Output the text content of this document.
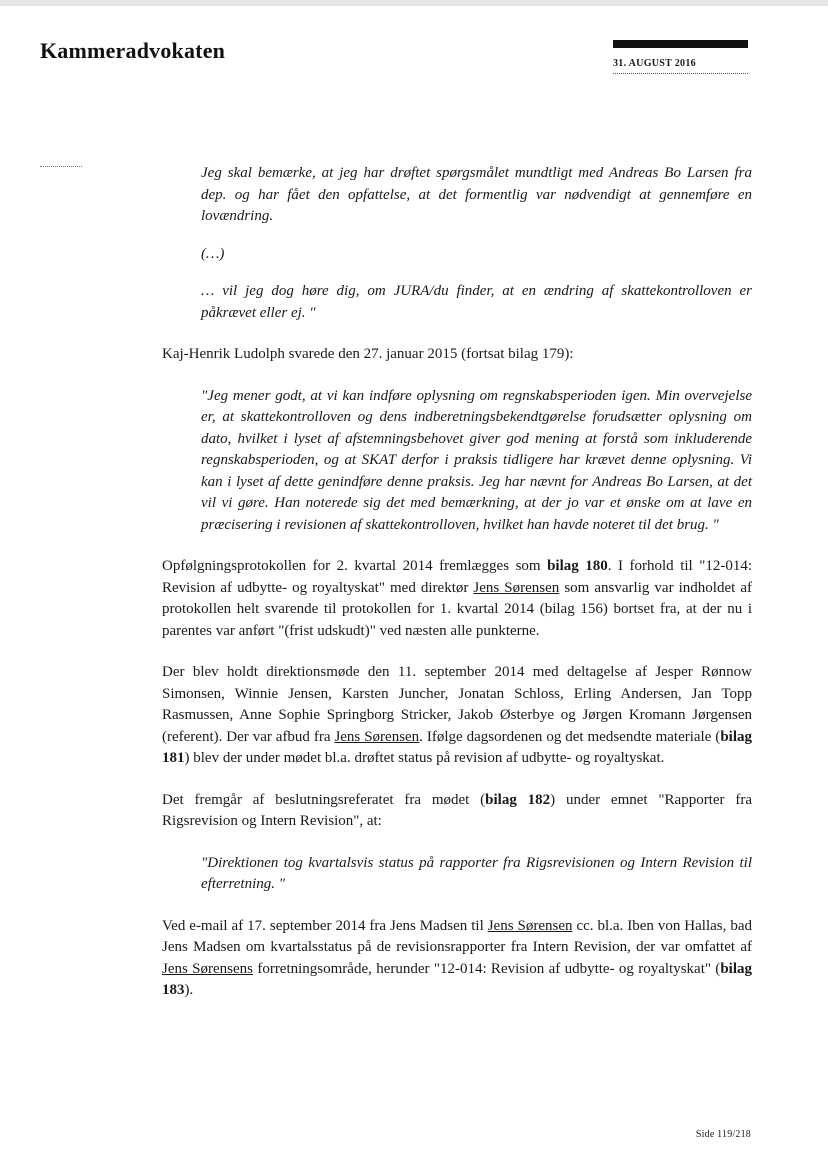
Kammeradvokaten
31. AUGUST 2016

Jeg skal bemærke, at jeg har drøftet spørgsmålet mundtligt med Andreas Bo Larsen fra dep. og har fået den opfattelse, at det formentlig var nødvendigt at gennemføre en lovændring.

(…)

… vil jeg dog høre dig, om JURA/du finder, at en ændring af skattekontrolloven er påkrævet eller ej. "

Kaj-Henrik Ludolph svarede den 27. januar 2015 (fortsat bilag 179):

"Jeg mener godt, at vi kan indføre oplysning om regnskabsperioden igen. Min overvejelse er, at skattekontrolloven og dens indberetningsbekendtgørelse forudsætter oplysning om dato, hvilket i lyset af afstemningsbehovet giver god mening at forstå som inkluderende regnskabsperioden, og at SKAT derfor i praksis tidligere har krævet denne oplysning. Vi kan i lyset af dette genindføre denne praksis. Jeg har nævnt for Andreas Bo Larsen, at det vil vi gøre. Han noterede sig det med bemærkning, at der jo var et ønske om at lave en præcisering i revisionen af skattekontrolloven, hvilket han havde noteret til det brug. "

Opfølgningsprotokollen for 2. kvartal 2014 fremlægges som bilag 180. I forhold til "12-014: Revision af udbytte- og royaltyskat" med direktør Jens Sørensen som ansvarlig var indholdet af protokollen helt svarende til protokollen for 1. kvartal 2014 (bilag 156) bortset fra, at der nu i parentes var anført "(frist udskudt)" ved næsten alle punkterne.

Der blev holdt direktionsmøde den 11. september 2014 med deltagelse af Jesper Rønnow Simonsen, Winnie Jensen, Karsten Juncher, Jonatan Schloss, Erling Andersen, Jan Topp Rasmussen, Anne Sophie Springborg Stricker, Jakob Østerbye og Jørgen Kromann Jørgensen (referent). Der var afbud fra Jens Sørensen. Ifølge dagsordenen og det medsendte materiale (bilag 181) blev der under mødet bl.a. drøftet status på revision af udbytte- og royaltyskat.

Det fremgår af beslutningsreferatet fra mødet (bilag 182) under emnet "Rapporter fra Rigsrevision og Intern Revision", at:

"Direktionen tog kvartalsvis status på rapporter fra Rigsrevisionen og Intern Revision til efterretning. "

Ved e-mail af 17. september 2014 fra Jens Madsen til Jens Sørensen cc. bl.a. Iben von Hallas, bad Jens Madsen om kvartalsstatus på de revisionsrapporter fra Intern Revision, der var omfattet af Jens Sørensens forretningsområde, herunder "12-014: Revision af udbytte- og royaltyskat" (bilag 183).

Side 119/218
